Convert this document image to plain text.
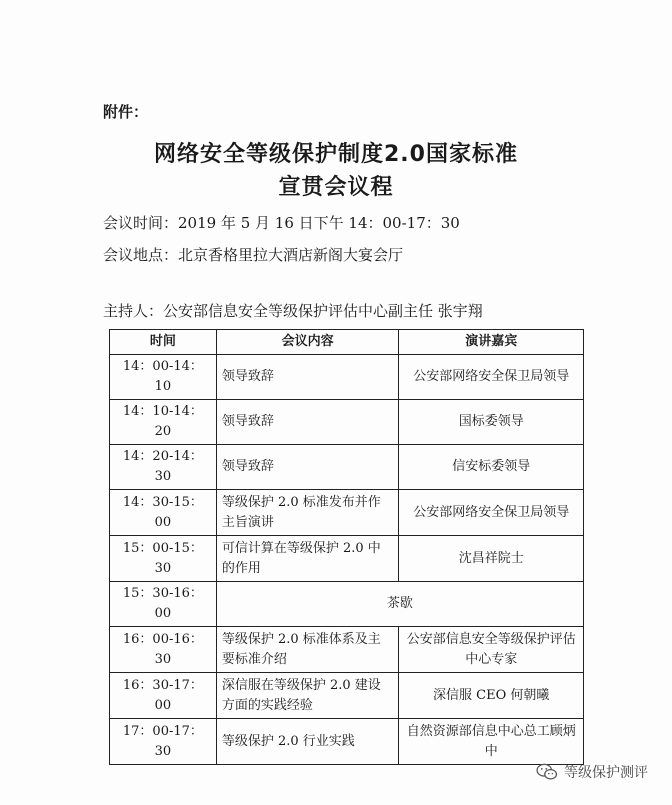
附件：
网络安全等级保护制度2.0国家标准
宣贯会议程
会议时间：2019 年 5 月 16 日下午 14：00-17：30
会议地点：北京香格里拉大酒店新阁大宴会厅
主持人：公安部信息安全等级保护评估中心副主任 张宇翔
时间	会议内容	演讲嘉宾
14：00-14：10	领导致辞	公安部网络安全保卫局领导
14：10-14：20	领导致辞	国标委领导
14：20-14：30	领导致辞	信安标委领导
14：30-15：00	等级保护 2.0 标准发布并作主旨演讲	公安部网络安全保卫局领导
15：00-15：30	可信计算在等级保护 2.0 中的作用	沈昌祥院士
15：30-16：00	茶歇	
16：00-16：30	等级保护 2.0 标准体系及主要标准介绍	公安部信息安全等级保护评估中心专家
16：30-17：00	深信服在等级保护 2.0 建设方面的实践经验	深信服 CEO 何朝曦
17：00-17：30	等级保护 2.0 行业实践	自然资源部信息中心总工顾炳中
等级保护测评
